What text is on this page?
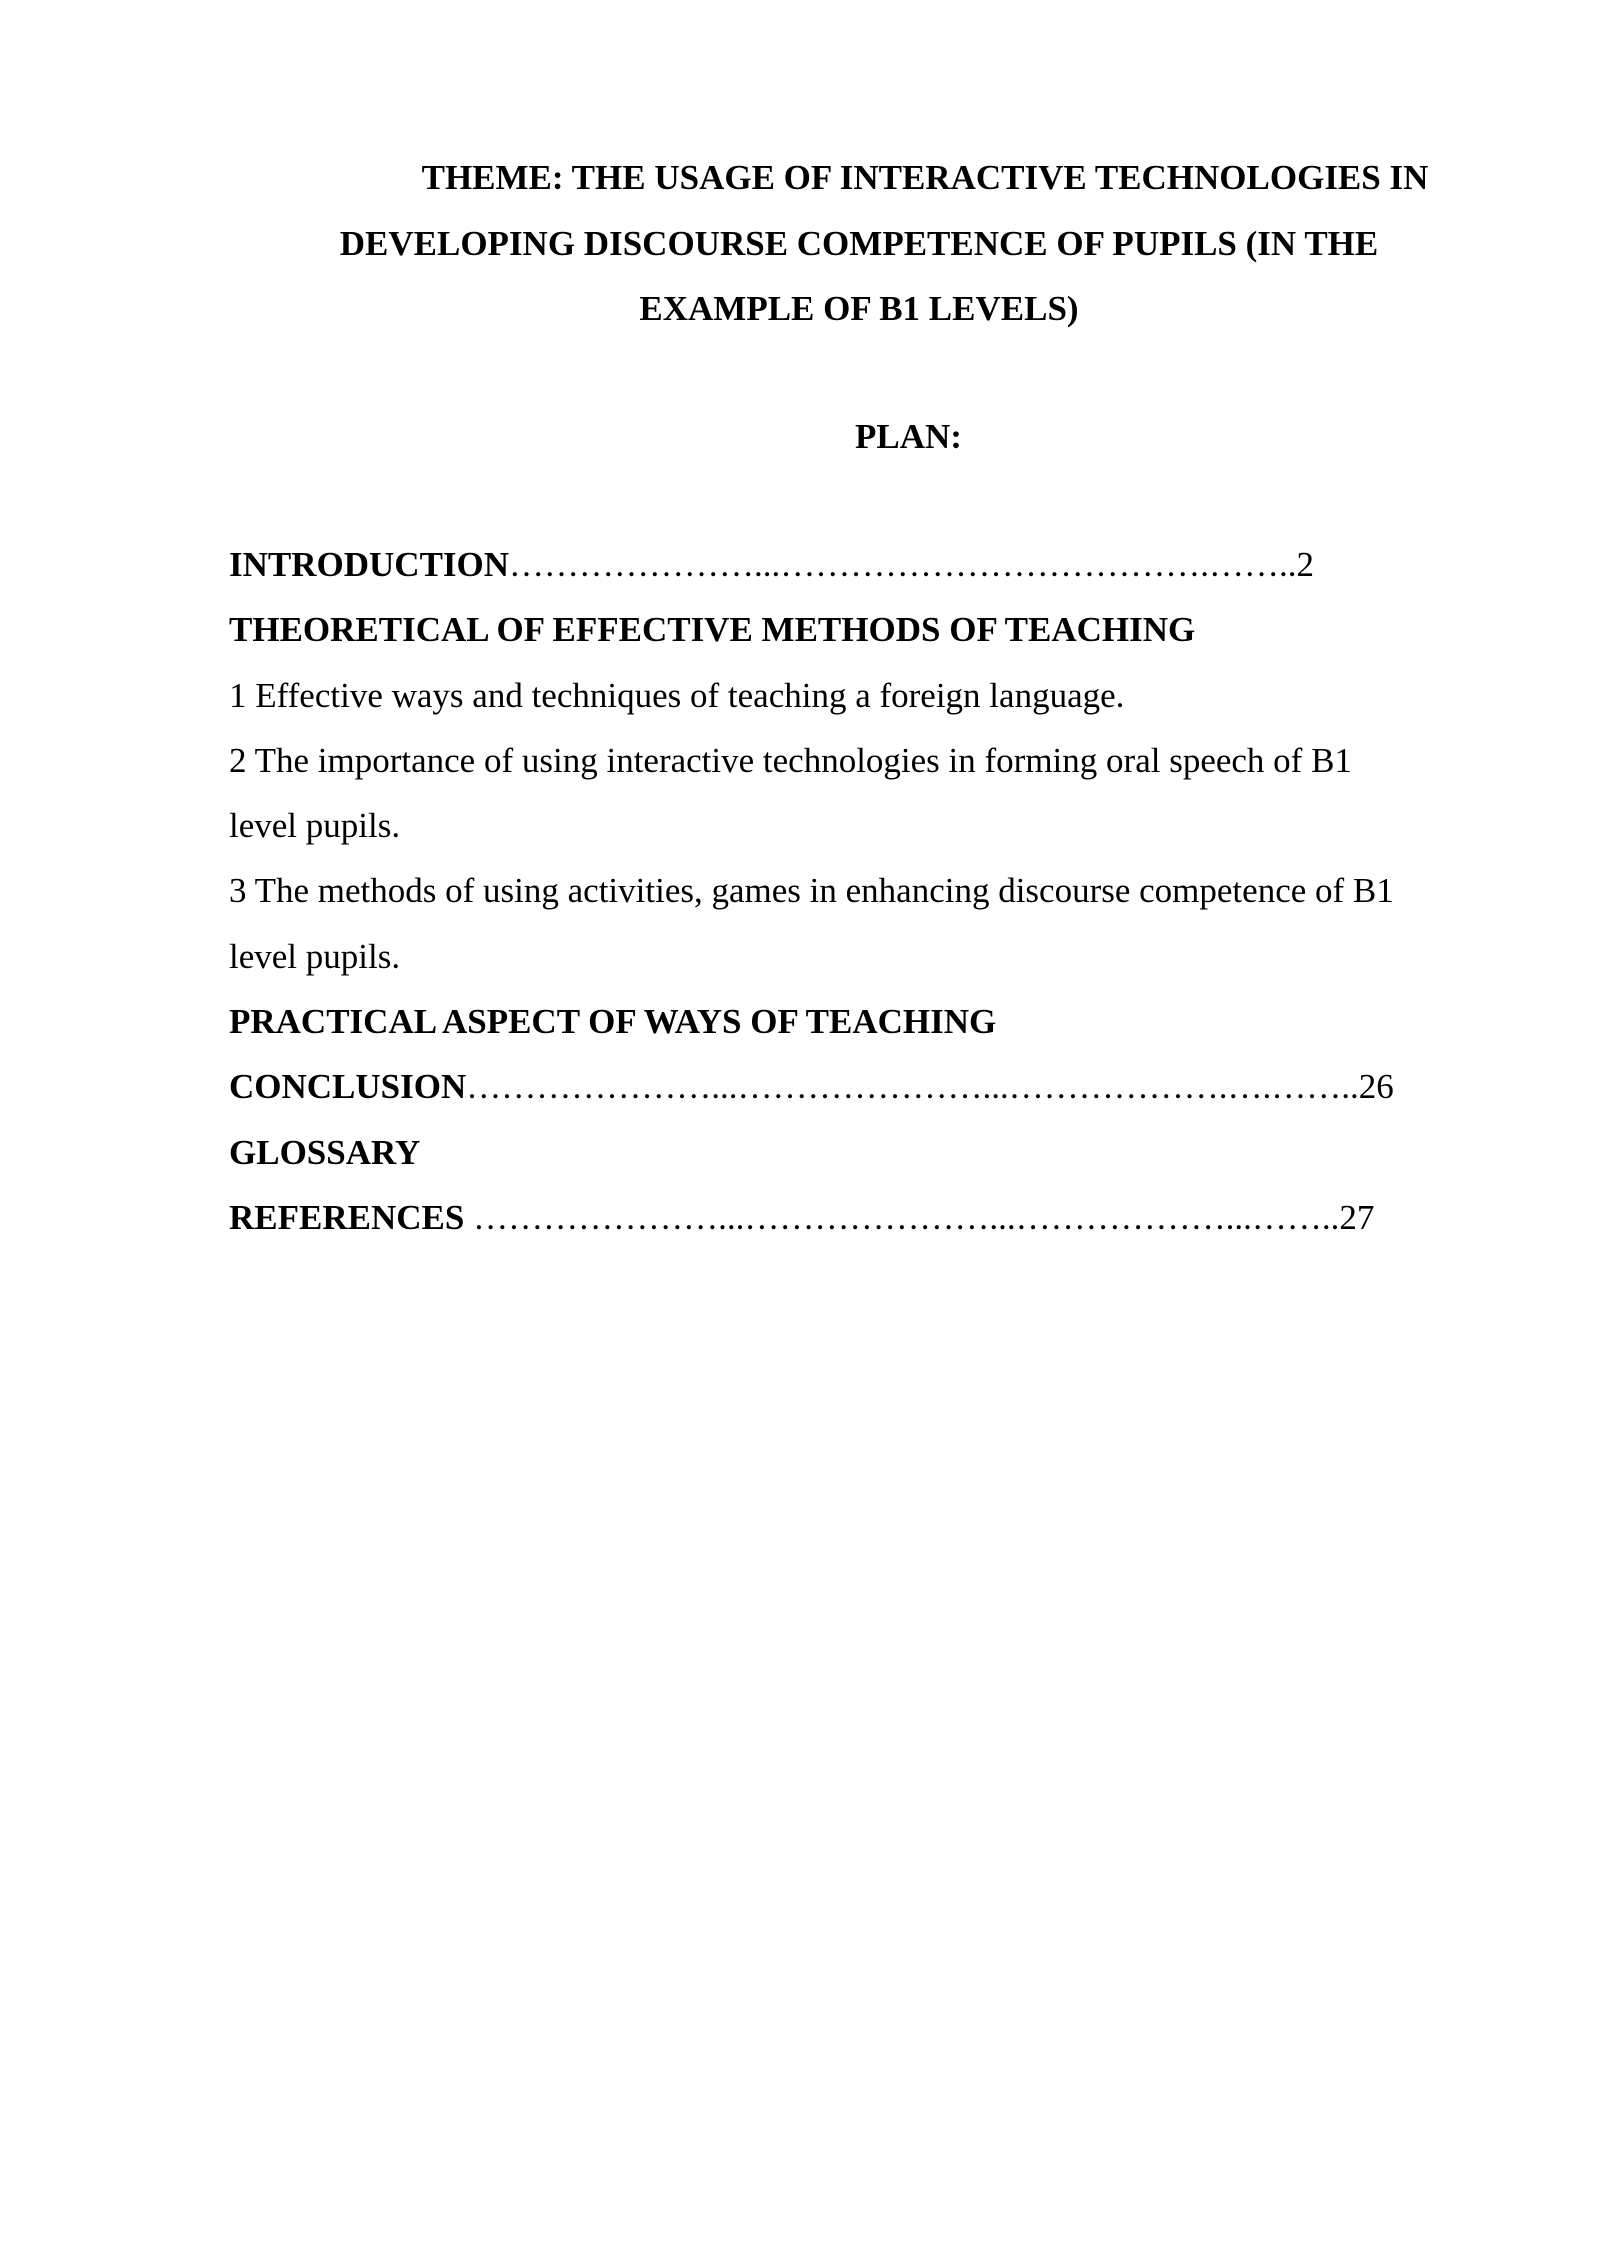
THEME: THE USAGE OF INTERACTIVE TECHNOLOGIES IN
DEVELOPING DISCOURSE COMPETENCE OF PUPILS (IN THE
EXAMPLE OF B1 LEVELS)
PLAN:
INTRODUCTION…………………...……………………………….……..2
THEORETICAL OF EFFECTIVE METHODS OF TEACHING
1 Effective ways and techniques of teaching a foreign language.
2 The importance of using interactive technologies in forming oral speech of B1
level pupils.
3 The methods of using activities, games in enhancing discourse competence of B1
level pupils.
PRACTICAL ASPECT OF WAYS OF TEACHING
CONCLUSION…………………...…………………...……………….….……..26
GLOSSARY
REFERENCES …………………...…………………...………………...……..27
